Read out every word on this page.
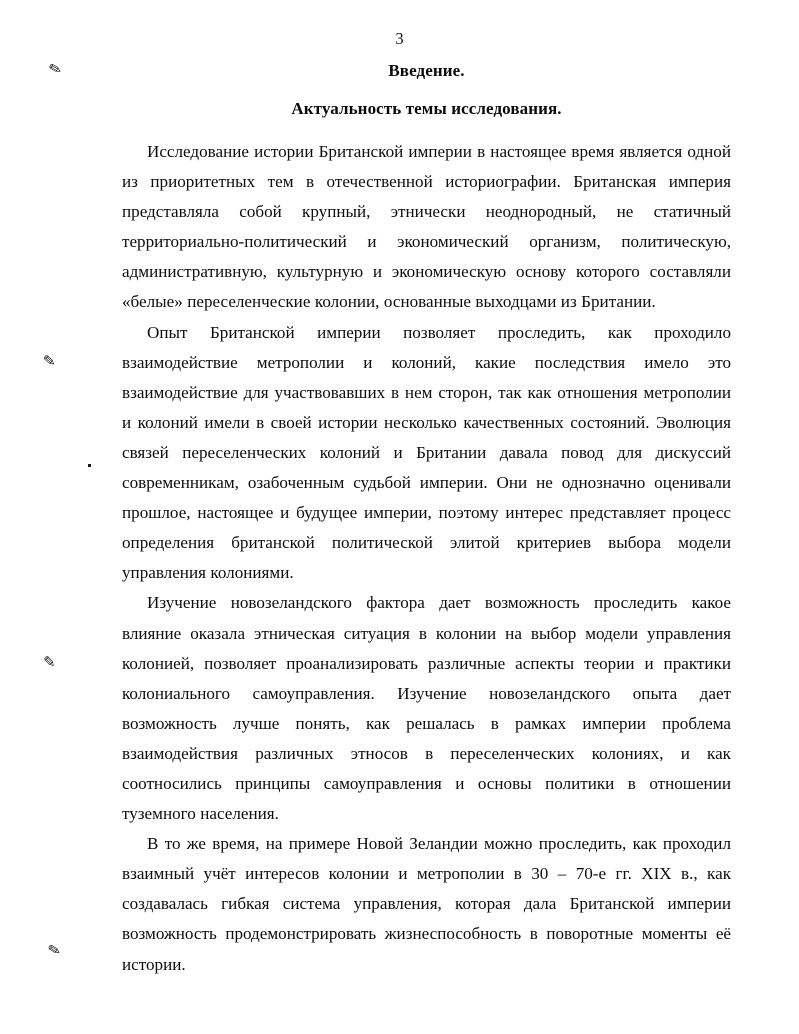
3
Введение.
Актуальность темы исследования.

Исследование истории Британской империи в настоящее время является одной из приоритетных тем в отечественной историографии. Британская империя представляла собой крупный, этнически неоднородный, не статичный территориально-политический и экономический организм, политическую, административную, культурную и экономическую основу которого составляли «белые» переселенческие колонии, основанные выходцами из Британии.

Опыт Британской империи позволяет проследить, как проходило взаимодействие метрополии и колоний, какие последствия имело это взаимодействие для участвовавших в нем сторон, так как отношения метрополии и колоний имели в своей истории несколько качественных состояний. Эволюция связей переселенческих колоний и Британии давала повод для дискуссий современникам, озабоченным судьбой империи. Они не однозначно оценивали прошлое, настоящее и будущее империи, поэтому интерес представляет процесс определения британской политической элитой критериев выбора модели управления колониями.

Изучение новозеландского фактора дает возможность проследить какое влияние оказала этническая ситуация в колонии на выбор модели управления колонией, позволяет проанализировать различные аспекты теории и практики колониального самоуправления. Изучение новозеландского опыта дает возможность лучше понять, как решалась в рамках империи проблема взаимодействия различных этносов в переселенческих колониях, и как соотносились принципы самоуправления и основы политики в отношении туземного населения.

В то же время, на примере Новой Зеландии можно проследить, как проходил взаимный учёт интересов колонии и метрополии в 30 – 70-е гг. XIX в., как создавалась гибкая система управления, которая дала Британской империи возможность продемонстрировать жизнеспособность в поворотные моменты её истории.

✎
✎
✎
✎
